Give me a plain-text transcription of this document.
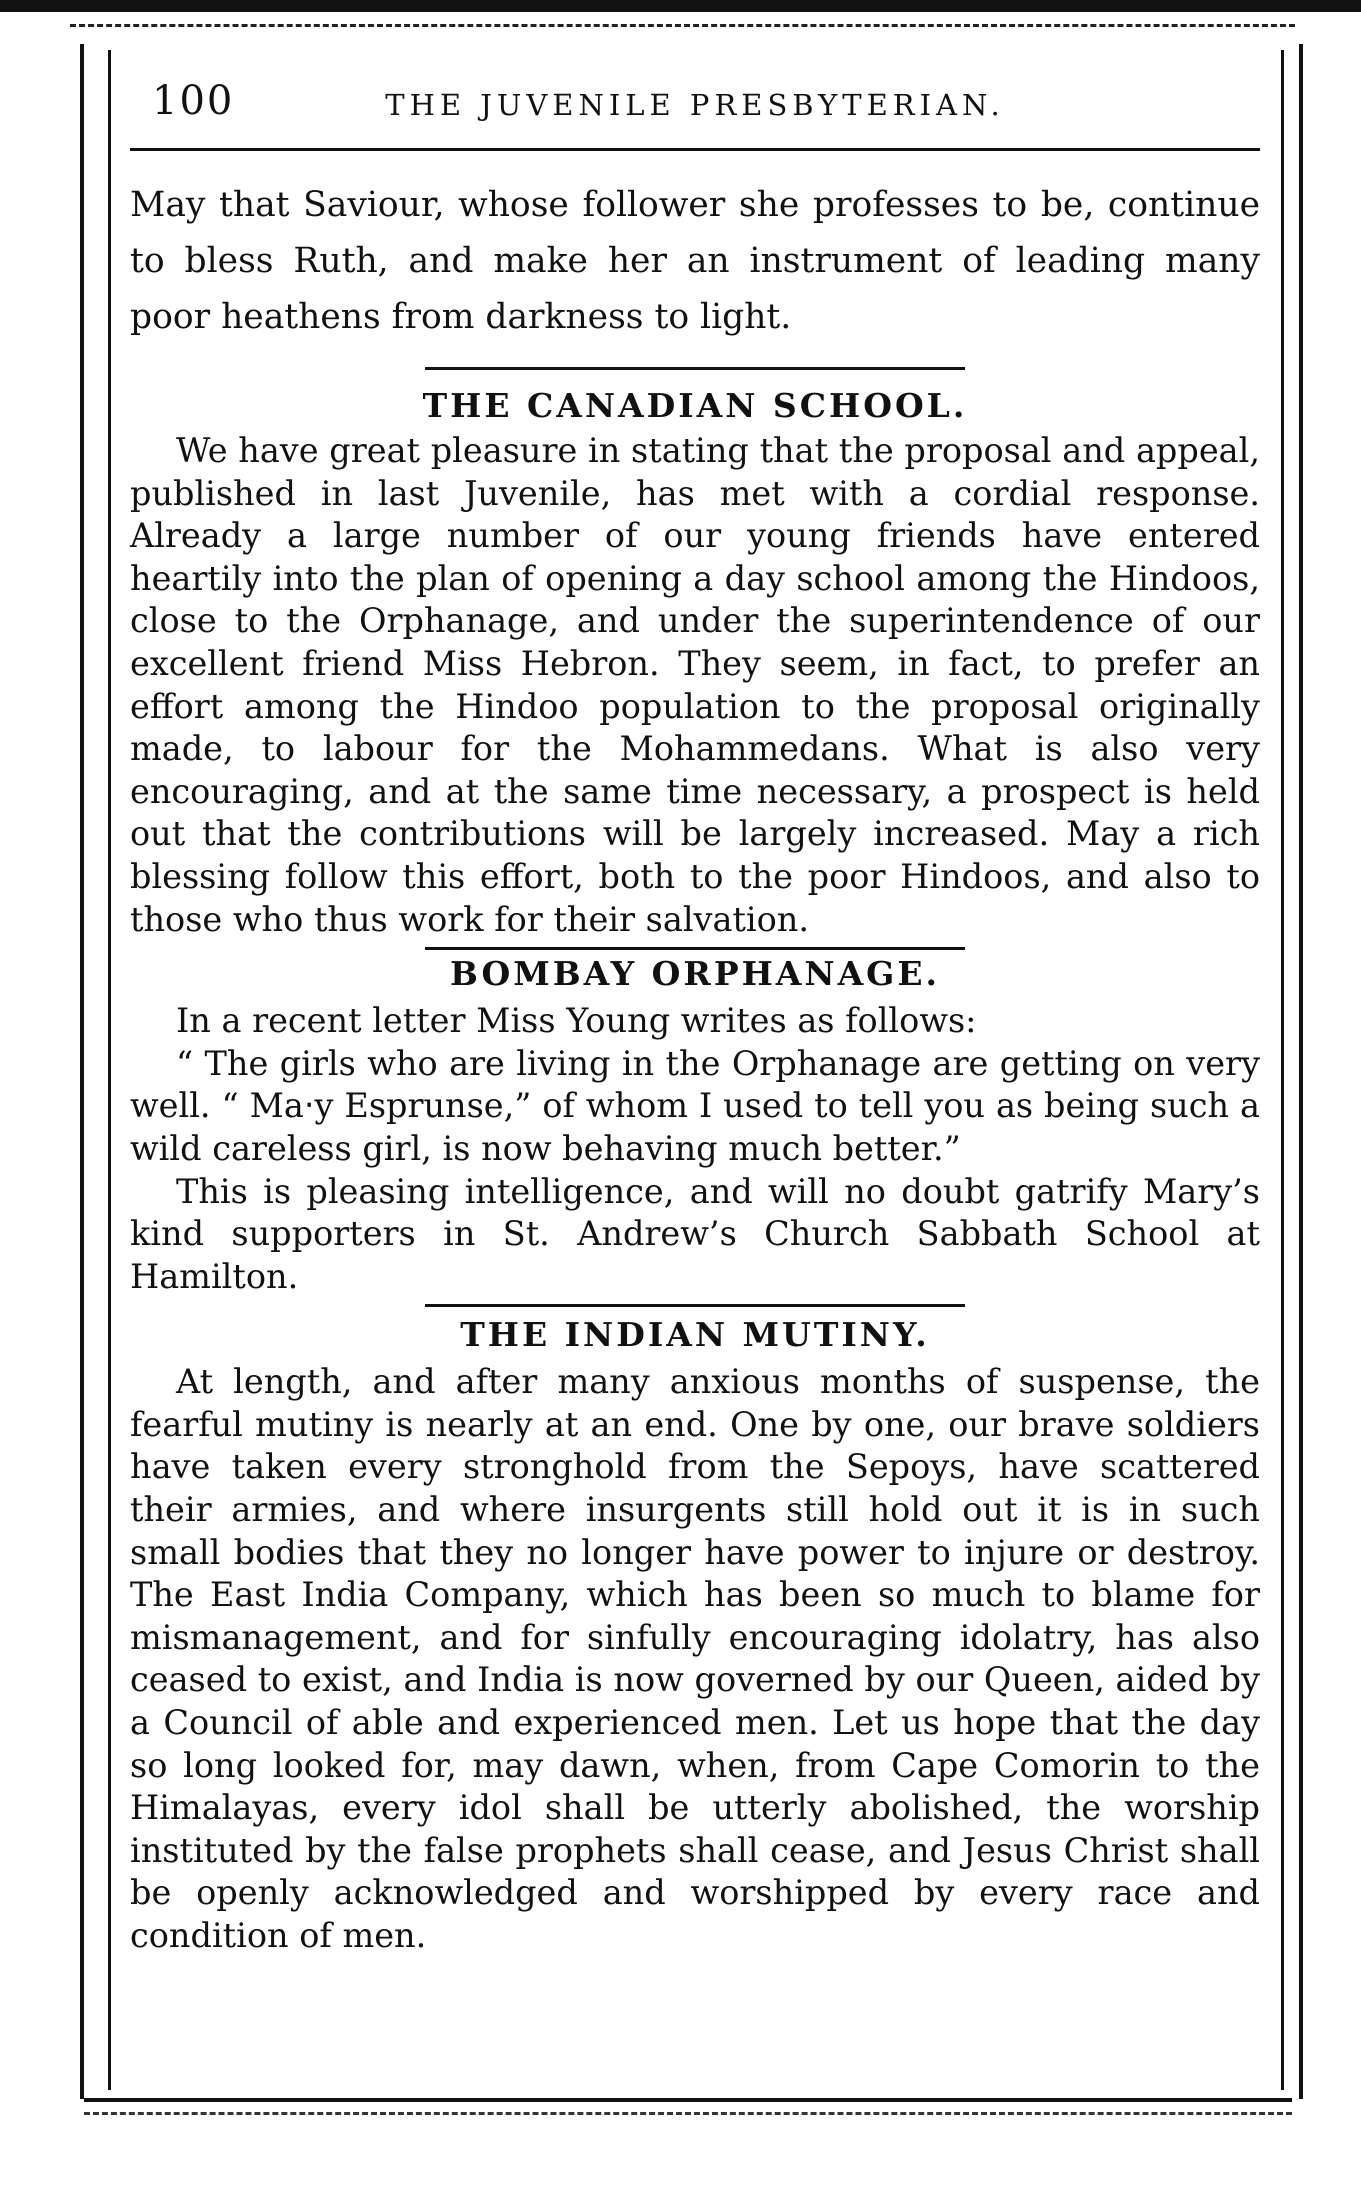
100	THE JUVENILE PRESBYTERIAN.

May that Saviour, whose follower she professes to be, continue to bless Ruth, and make her an instrument of leading many poor heathens from darkness to light.

THE CANADIAN SCHOOL.

We have great pleasure in stating that the proposal and appeal, published in last Juvenile, has met with a cordial response. Already a large number of our young friends have entered heartily into the plan of opening a day school among the Hindoos, close to the Orphanage, and under the superintendence of our excellent friend Miss Hebron. They seem, in fact, to prefer an effort among the Hindoo population to the proposal originally made, to labour for the Mohammedans. What is also very encouraging, and at the same time necessary, a prospect is held out that the contributions will be largely increased. May a rich blessing follow this effort, both to the poor Hindoos, and also to those who thus work for their salvation.

BOMBAY ORPHANAGE.

In a recent letter Miss Young writes as follows:

“ The girls who are living in the Orphanage are getting on very well. “ Ma‧y Esprunse,” of whom I used to tell you as being such a wild careless girl, is now behaving much better.”

This is pleasing intelligence, and will no doubt gatrify Mary’s kind supporters in St. Andrew’s Church Sabbath School at Hamilton.

THE INDIAN MUTINY.

At length, and after many anxious months of suspense, the fearful mutiny is nearly at an end. One by one, our brave soldiers have taken every stronghold from the Sepoys, have scattered their armies, and where insurgents still hold out it is in such small bodies that they no longer have power to injure or destroy. The East India Company, which has been so much to blame for mismanagement, and for sinfully encouraging idolatry, has also ceased to exist, and India is now governed by our Queen, aided by a Council of able and experienced men. Let us hope that the day so long looked for, may dawn, when, from Cape Comorin to the Himalayas, every idol shall be utterly abolished, the worship instituted by the false prophets shall cease, and Jesus Christ shall be openly acknowledged and worshipped by every race and condition of men.
